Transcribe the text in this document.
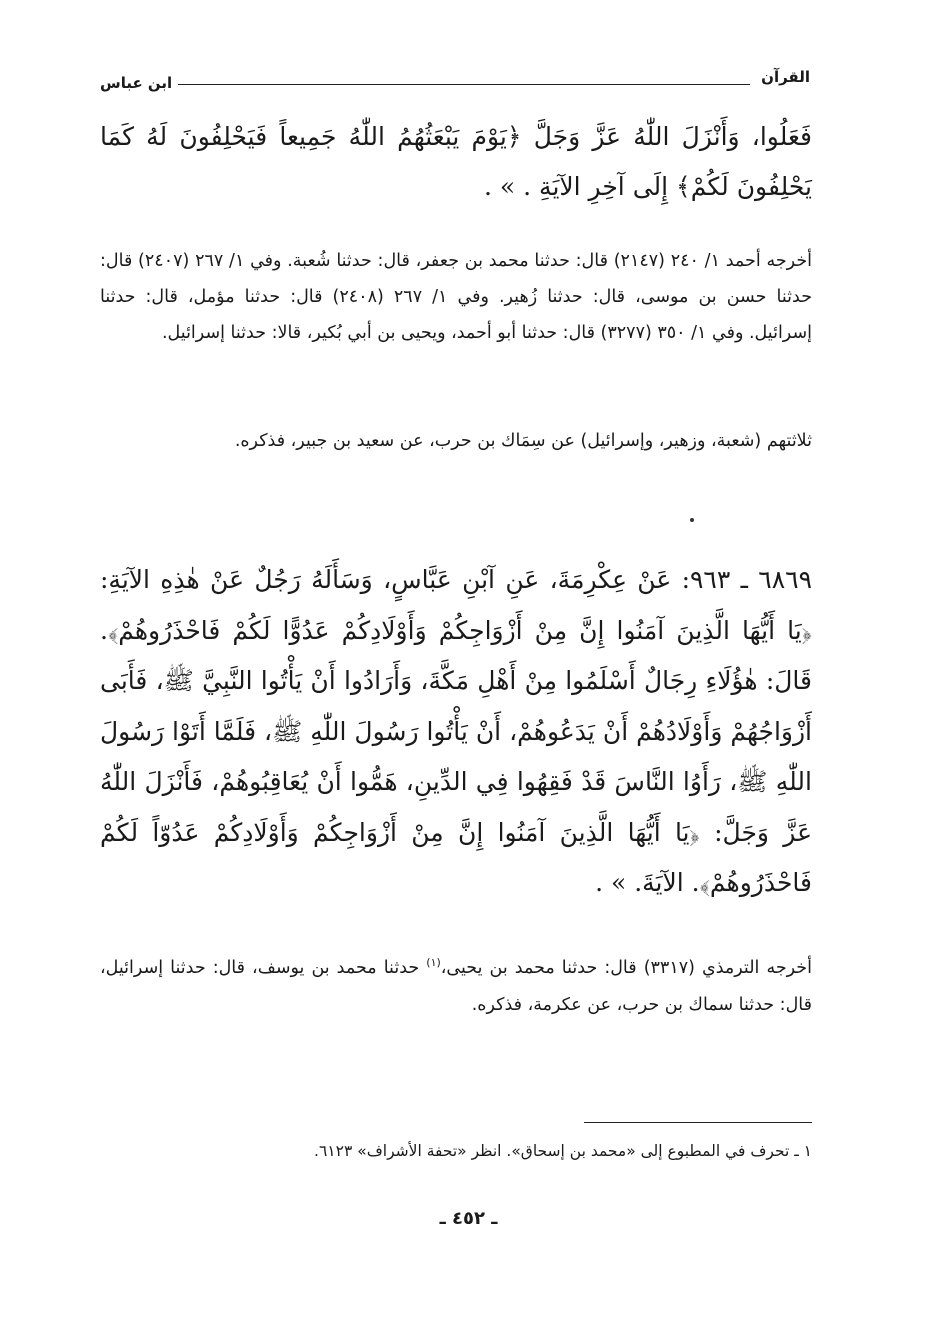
القرآن
ابن عباس
فَعَلُوا، وَأَنْزَلَ اللّٰهُ عَزَّ وَجَلَّ ﴿يَوْمَ يَبْعَثُهُمُ اللّٰهُ جَمِيعاً فَيَحْلِفُونَ لَهُ كَمَا يَحْلِفُونَ لَكُمْ﴾ إِلَى آخِرِ الآيَةِ . » .
أخرجه أحمد ١/ ٢٤٠ (٢١٤٧) قال: حدثنا محمد بن جعفر، قال: حدثنا شُعبة. وفي ١/ ٢٦٧ (٢٤٠٧) قال: حدثنا حسن بن موسى، قال: حدثنا زُهير. وفي ١/ ٢٦٧ (٢٤٠٨) قال: حدثنا مؤمل، قال: حدثنا إسرائيل. وفي ١/ ٣٥٠ (٣٢٧٧) قال: حدثنا أبو أحمد، ويحيى بن أبي بُكير، قالا: حدثنا إسرائيل.
ثلاثتهم (شعبة، وزهير، وإسرائيل) عن سِمَاك بن حرب، عن سعيد بن جبير، فذكره.
٦٨٦٩ ـ ٩٦٣: عَنْ عِكْرِمَةَ، عَنِ آبْنِ عَبَّاسٍ، وَسَأَلَهُ رَجُلٌ عَنْ هٰذِهِ الآيَةِ: ﴿يَا أَيُّهَا الَّذِينَ آمَنُوا إِنَّ مِنْ أَزْوَاجِكُمْ وَأَوْلَادِكُمْ عَدُوًّا لَكُمْ فَاحْذَرُوهُمْ﴾. قَالَ: هٰؤُلَاءِ رِجَالٌ أَسْلَمُوا مِنْ أَهْلِ مَكَّةَ، وَأَرَادُوا أَنْ يَأْتُوا النَّبِيَّ ﷺ، فَأَبَى أَزْوَاجُهُمْ وَأَوْلَادُهُمْ أَنْ يَدَعُوهُمْ، أَنْ يَأْتُوا رَسُولَ اللّٰهِ ﷺ، فَلَمَّا أَتَوْا رَسُولَ اللّٰهِ ﷺ، رَأَوُا النَّاسَ قَدْ فَقِهُوا فِي الدِّينِ، هَمُّوا أَنْ يُعَاقِبُوهُمْ، فَأَنْزَلَ اللّٰهُ عَزَّ وَجَلَّ: ﴿يَا أَيُّهَا الَّذِينَ آمَنُوا إِنَّ مِنْ أَزْوَاجِكُمْ وَأَوْلَادِكُمْ عَدُوّاً لَكُمْ فَاحْذَرُوهُمْ﴾. الآيَةَ. » .
أخرجه الترمذي (٣٣١٧) قال: حدثنا محمد بن يحيى،$^{(١)}$ حدثنا محمد بن يوسف، قال: حدثنا إسرائيل، قال: حدثنا سماك بن حرب، عن عكرمة، فذكره.
١ ـ تحرف في المطبوع إلى «محمد بن إسحاق». انظر «تحفة الأشراف» ٦١٢٣.
ـ ٤٥٢ ـ
